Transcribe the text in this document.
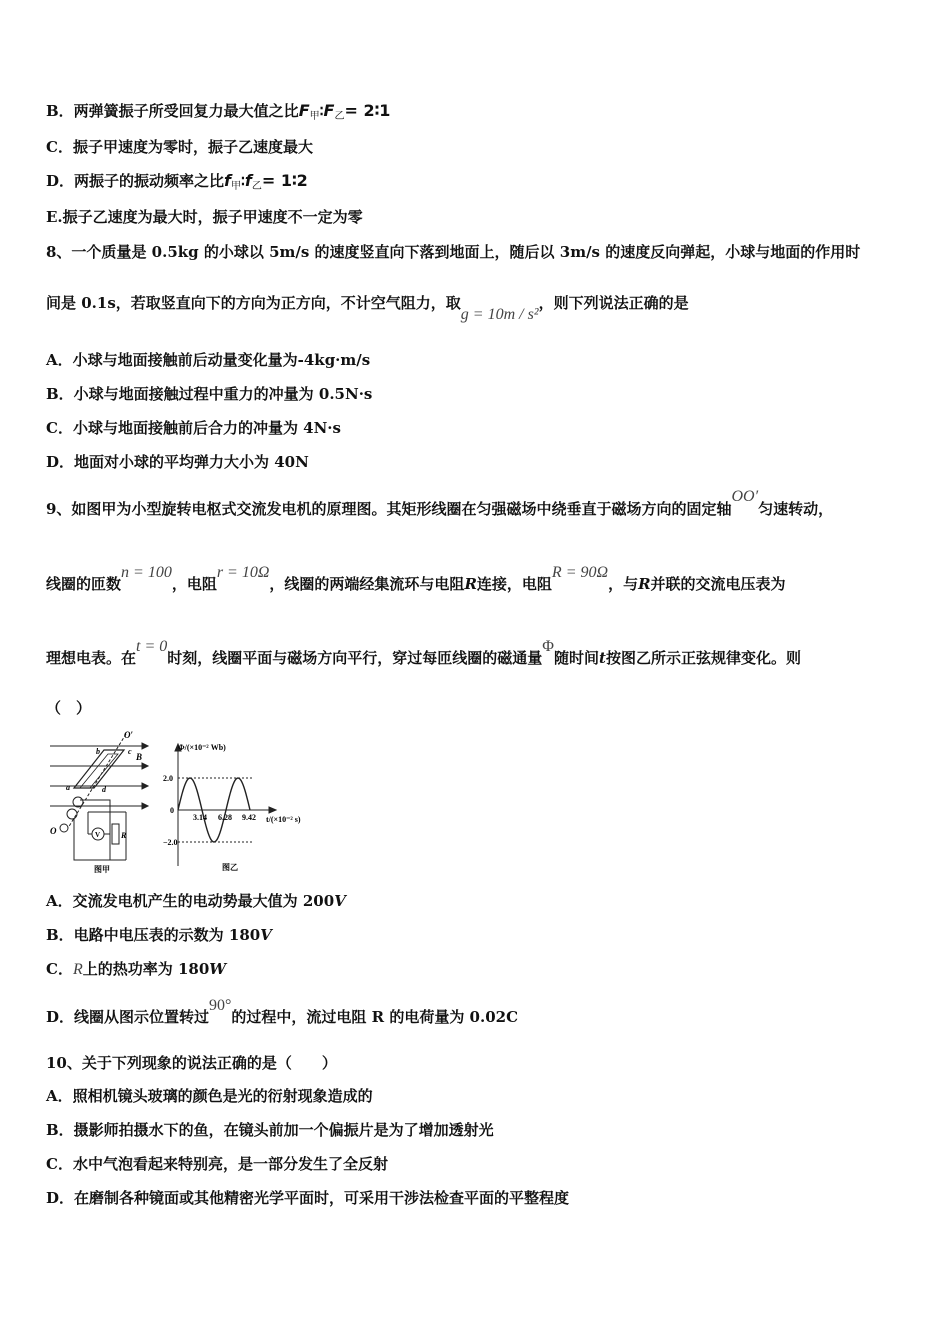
B．两弹簧振子所受回复力最大值之比$F_甲∶F_乙=$ 2∶1
C．振子甲速度为零时，振子乙速度最大
D．两振子的振动频率之比$f_甲∶f_乙=$ 1∶2
E.振子乙速度为最大时，振子甲速度不一定为零
8、一个质量是 0.5kg 的小球以 5m/s 的速度竖直向下落到地面上，随后以 3m/s 的速度反向弹起，小球与地面的作用时
间是 0.1s，若取竖直向下的方向为正方向，不计空气阻力，取g = 10m / s²，则下列说法正确的是
A．小球与地面接触前后动量变化量为-4kg·m/s
B．小球与地面接触过程中重力的冲量为 0.5N·s
C．小球与地面接触前后合力的冲量为 4N·s
D．地面对小球的平均弹力大小为 40N
9、如图甲为小型旋转电枢式交流发电机的原理图。其矩形线圈在匀强磁场中绕垂直于磁场方向的固定轴OO′匀速转动，
线圈的匝数n = 100，电阻r = 10Ω，线圈的两端经集流环与电阻R连接，电阻R = 90Ω，与R并联的交流电压表为
理想电表。在t = 0时刻，线圈平面与磁场方向平行，穿过每匝线圈的磁通量Φ随时间t按图乙所示正弦规律变化。则
（　）
O′
O
B
b	c
a	d
V	R
图甲
Φ/(×10⁻² Wb)
2.0
−2.0
0
3.14 6.28 9.42 t/(×10⁻² s)
图乙
A．交流发电机产生的电动势最大值为 200V
B．电路中电压表的示数为 180V
C．R上的热功率为 180W
D．线圈从图示位置转过90°的过程中，流过电阻 R 的电荷量为 0.02C
10、关于下列现象的说法正确的是（　　）
A．照相机镜头玻璃的颜色是光的衍射现象造成的
B．摄影师拍摄水下的鱼，在镜头前加一个偏振片是为了增加透射光
C．水中气泡看起来特别亮，是一部分发生了全反射
D．在磨制各种镜面或其他精密光学平面时，可采用干涉法检查平面的平整程度
